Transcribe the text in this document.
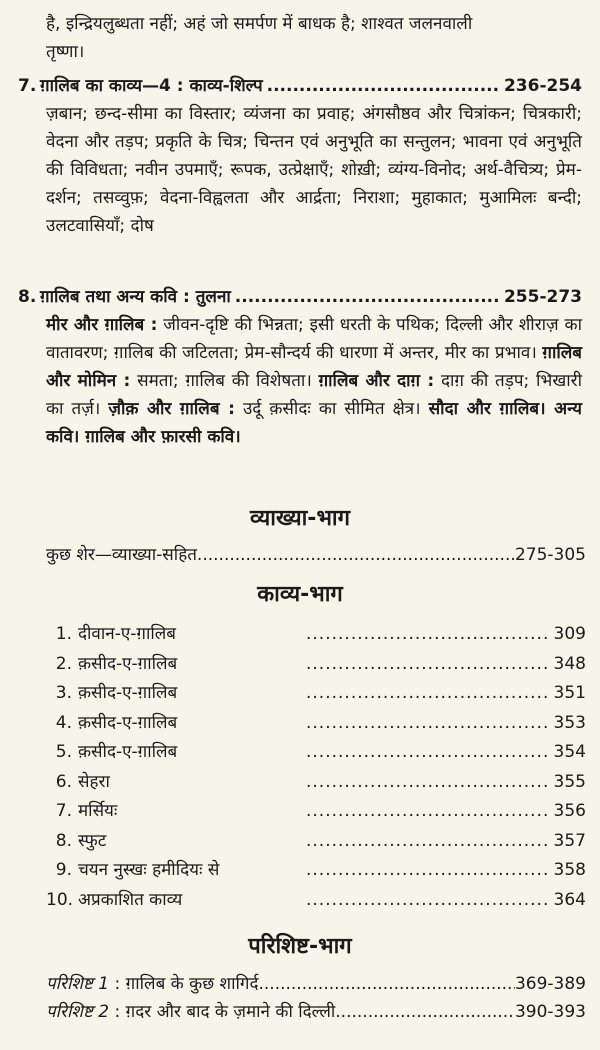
है, इन्द्रियलुब्धता नहीं; अहं जो समर्पण में बाधक है; शाश्वत जलनवाली
तृष्णा।
7. ग़ालिब का काव्य—4 : काव्य-शिल्प .....	236-254
ज़बान; छन्द-सीमा का विस्तार; व्यंजना का प्रवाह; अंगसौष्ठव और चित्रांकन; चित्रकारी; वेदना और तड़प; प्रकृति के चित्र; चिन्तन एवं अनुभूति का सन्तुलन; भावना एवं अनुभूति की विविधता; नवीन उपमाएँ; रूपक, उत्प्रेक्षाएँ; शोख़ी; व्यंग्य-विनोद; अर्थ-वैचित्र्य; प्रेम-दर्शन; तसव्वुफ़; वेदना-विह्वलता और आर्द्रता; निराशा; मुहाकात; मुआमिलः बन्दी; उलटवासियाँ; दोष
8. ग़ालिब तथा अन्य कवि : तुलना .....	255-273
मीर और ग़ालिब : जीवन-दृष्टि की भिन्नता; इसी धरती के पथिक; दिल्ली और शीराज़ का वातावरण; ग़ालिब की जटिलता; प्रेम-सौन्दर्य की धारणा में अन्तर, मीर का प्रभाव। ग़ालिब और मोमिन : समता; ग़ालिब की विशेषता। ग़ालिब और दाग़ : दाग़ की तड़प; भिखारी का तर्ज़। ज़ौक़ और ग़ालिब : उर्दू क़सीदः का सीमित क्षेत्र। सौदा और ग़ालिब। अन्य कवि। ग़ालिब और फ़ारसी कवि।
व्याख्या-भाग
कुछ शेर—व्याख्या-सहित .....	275-305
काव्य-भाग
1. दीवान-ए-ग़ालिब .....	309
2. क़सीद-ए-ग़ालिब .....	348
3. क़सीद-ए-ग़ालिब .....	351
4. क़सीद-ए-ग़ालिब .....	353
5. क़सीद-ए-ग़ालिब .....	354
6. सेहरा .....	355
7. मर्सियः .....	356
8. स्फुट .....	357
9. चयन नुस्खः हमीदियः से .....	358
10. अप्रकाशित काव्य .....	364
परिशिष्ट-भाग
परिशिष्ट 1 : ग़ालिब के कुछ शागिर्द .....	369-389
परिशिष्ट 2 : ग़दर और बाद के ज़माने की दिल्ली .....	390-393
